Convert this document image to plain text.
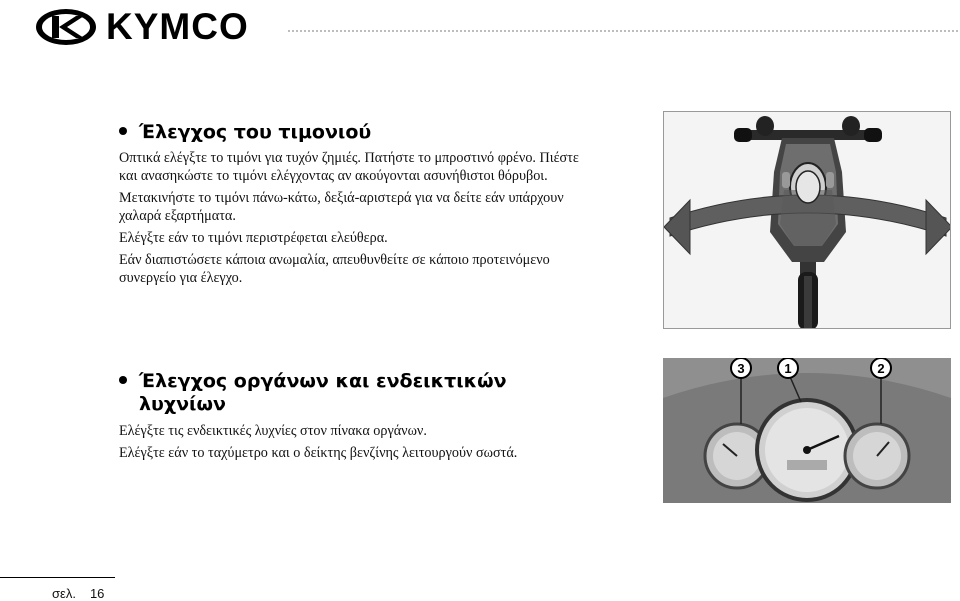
KYMCO
Έλεγχος του τιμονιού

Οπτικά ελέγξτε το τιμόνι για τυχόν ζημιές. Πατήστε το μπροστινό φρένο. Πιέστε και ανασηκώστε το τιμόνι ελέγχοντας αν ακούγονται ασυνήθιστοι θόρυβοι.

Μετακινήστε το τιμόνι πάνω-κάτω, δεξιά-αριστερά για να δείτε εάν υπάρχουν χαλαρά εξαρτήματα.

Ελέγξτε εάν το τιμόνι περιστρέφεται ελεύθερα.

Εάν διαπιστώσετε κάποια ανωμαλία, απευθυνθείτε σε κάποιο προτεινόμενο συνεργείο για έλεγχο.

Έλεγχος οργάνων και ενδεικτικών λυχνίων

Ελέγξτε τις ενδεικτικές λυχνίες στον πίνακα οργάνων.

Ελέγξτε εάν το ταχύμετρο και ο δείκτης βενζίνης λειτουργούν σωστά.

3	1	2
σελ. 16
